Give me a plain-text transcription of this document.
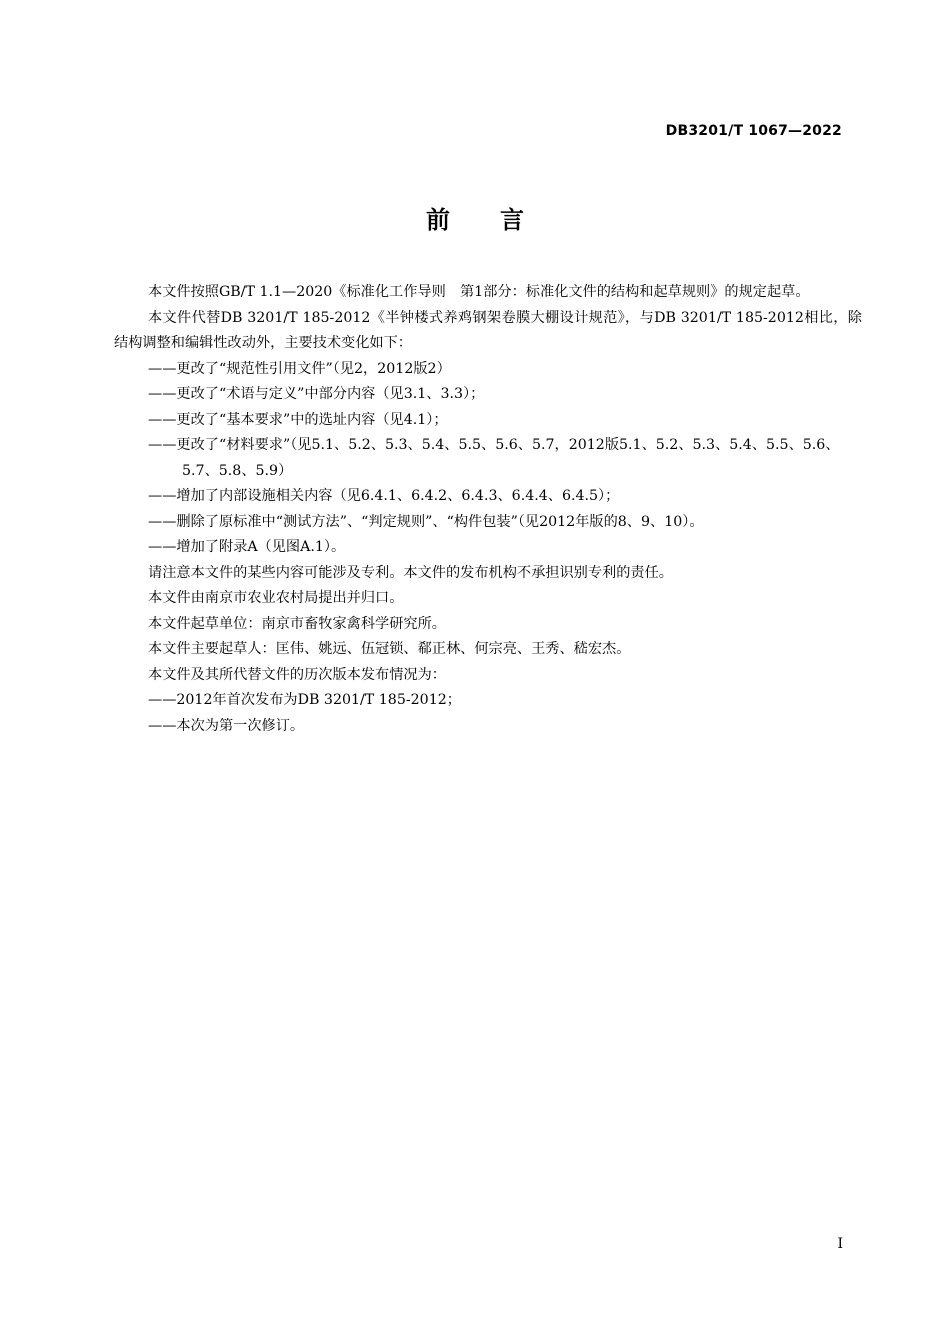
DB3201/T 1067—2022
前言

本文件按照GB/T 1.1—2020《标准化工作导则　第1部分：标准化文件的结构和起草规则》的规定起草。

本文件代替DB 3201/T 185-2012《半钟楼式养鸡钢架卷膜大棚设计规范》，与DB 3201/T 185-2012相比，除结构调整和编辑性改动外，主要技术变化如下：

——更改了“规范性引用文件”（见2，2012版2）

——更改了“术语与定义”中部分内容（见3.1、3.3）；

——更改了“基本要求”中的选址内容（见4.1）；

——更改了“材料要求”（见5.1、5.2、5.3、5.4、5.5、5.6、5.7，2012版5.1、5.2、5.3、5.4、5.5、5.6、5.7、5.8、5.9）

——增加了内部设施相关内容（见6.4.1、6.4.2、6.4.3、6.4.4、6.4.5）；

——删除了原标准中“测试方法”、“判定规则”、“构件包装”（见2012年版的8、9、10）。

——增加了附录A（见图A.1）。

请注意本文件的某些内容可能涉及专利。本文件的发布机构不承担识别专利的责任。

本文件由南京市农业农村局提出并归口。

本文件起草单位：南京市畜牧家禽科学研究所。

本文件主要起草人：匡伟、姚远、伍冠锁、郗正林、何宗亮、王秀、嵇宏杰。

本文件及其所代替文件的历次版本发布情况为：

——2012年首次发布为DB 3201/T 185-2012；

——本次为第一次修订。

I
